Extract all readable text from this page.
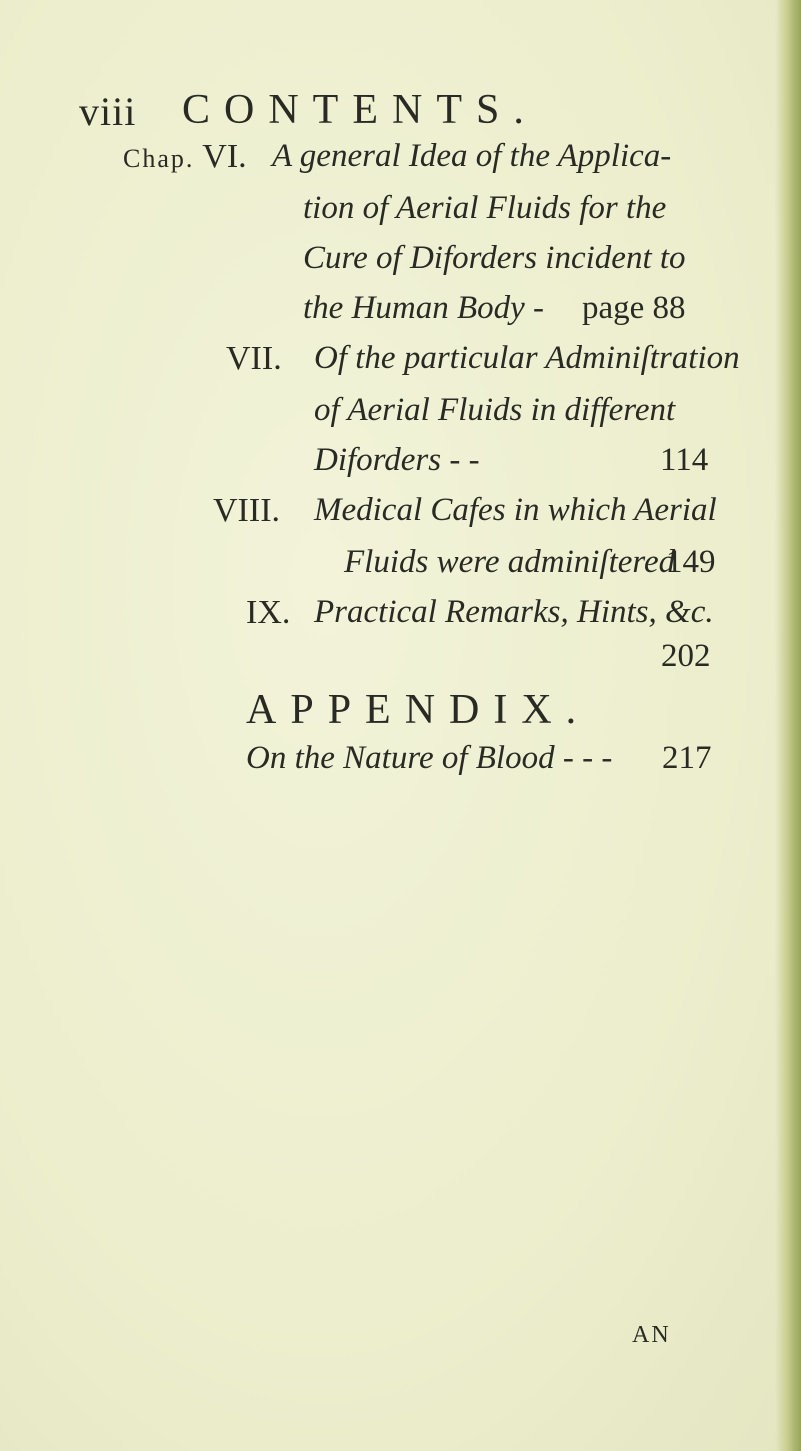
viii CONTENTS.
Chap. VI. A general Idea of the Applica-
tion of Aerial Fluids for the
Cure of Diforders incident to
the Human Body - page 88
VII. Of the particular Adminiſtration
of Aerial Fluids in different
Diforders - -	114
VIII. Medical Cafes in which Aerial
Fluids were adminiſtered
149
IX. Practical Remarks, Hints, &c.
202
APPENDIX.
On the Nature of Blood - - - 217
AN
